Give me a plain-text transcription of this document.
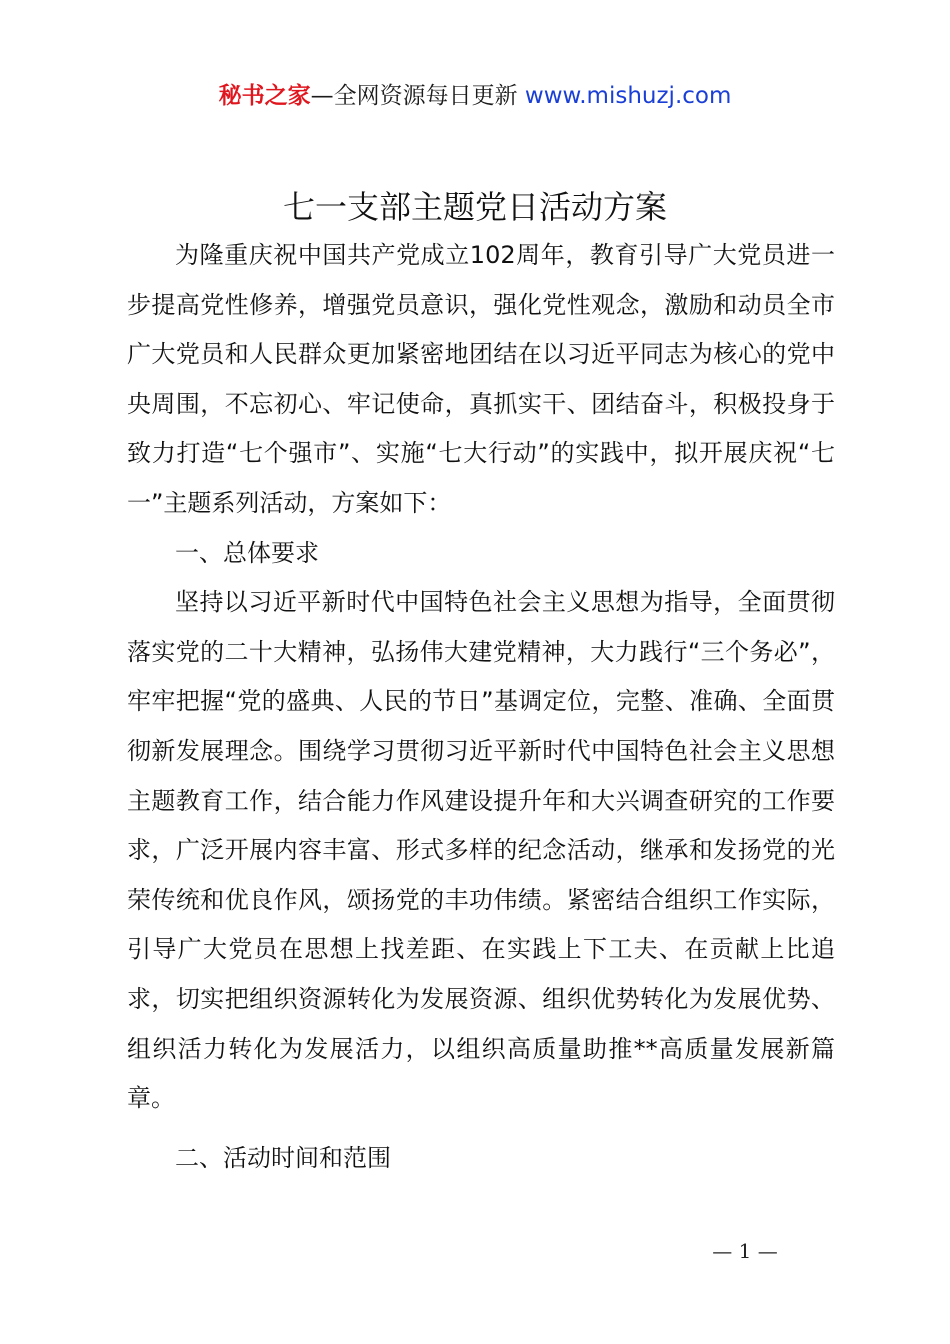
秘书之家—全网资源每日更新 www.mishuzj.com
七一支部主题党日活动方案

为隆重庆祝中国共产党成立102周年，教育引导广大党员进一步提高党性修养，增强党员意识，强化党性观念，激励和动员全市广大党员和人民群众更加紧密地团结在以习近平同志为核心的党中央周围，不忘初心、牢记使命，真抓实干、团结奋斗，积极投身于致力打造“七个强市”、实施“七大行动”的实践中，拟开展庆祝“七一”主题系列活动，方案如下：

一、总体要求

坚持以习近平新时代中国特色社会主义思想为指导，全面贯彻落实党的二十大精神，弘扬伟大建党精神，大力践行“三个务必”，牢牢把握“党的盛典、人民的节日”基调定位，完整、准确、全面贯彻新发展理念。围绕学习贯彻习近平新时代中国特色社会主义思想主题教育工作，结合能力作风建设提升年和大兴调查研究的工作要求，广泛开展内容丰富、形式多样的纪念活动，继承和发扬党的光荣传统和优良作风，颂扬党的丰功伟绩。紧密结合组织工作实际，引导广大党员在思想上找差距、在实践上下工夫、在贡献上比追求，切实把组织资源转化为发展资源、组织优势转化为发展优势、组织活力转化为发展活力，以组织高质量助推**高质量发展新篇章。

二、活动时间和范围

— 1 —
